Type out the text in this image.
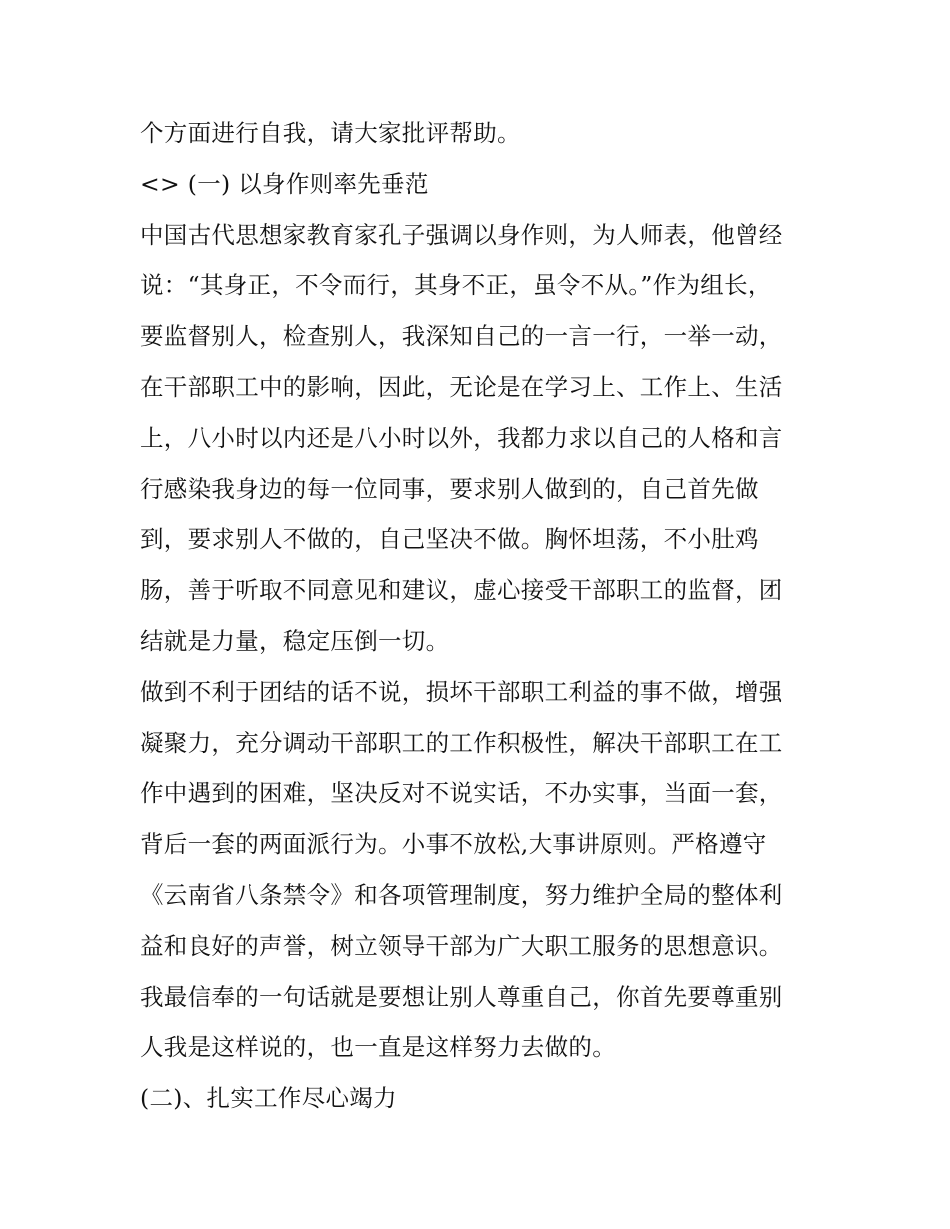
个方面进行自我，请大家批评帮助。
<> (一) 以身作则率先垂范
中国古代思想家教育家孔子强调以身作则，为人师表，他曾经
说：“其身正，不令而行，其身不正，虽令不从。”作为组长，
要监督别人，检查别人，我深知自己的一言一行，一举一动，
在干部职工中的影响，因此，无论是在学习上、工作上、生活
上，八小时以内还是八小时以外，我都力求以自己的人格和言
行感染我身边的每一位同事，要求别人做到的，自己首先做
到，要求别人不做的，自己坚决不做。胸怀坦荡，不小肚鸡
肠，善于听取不同意见和建议，虚心接受干部职工的监督，团
结就是力量，稳定压倒一切。
做到不利于团结的话不说，损坏干部职工利益的事不做，增强
凝聚力，充分调动干部职工的工作积极性，解决干部职工在工
作中遇到的困难，坚决反对不说实话，不办实事，当面一套，
背后一套的两面派行为。小事不放松,大事讲原则。严格遵守
《云南省八条禁令》和各项管理制度，努力维护全局的整体利
益和良好的声誉，树立领导干部为广大职工服务的思想意识。
我最信奉的一句话就是要想让别人尊重自己，你首先要尊重别
人我是这样说的，也一直是这样努力去做的。
(二)、扎实工作尽心竭力
